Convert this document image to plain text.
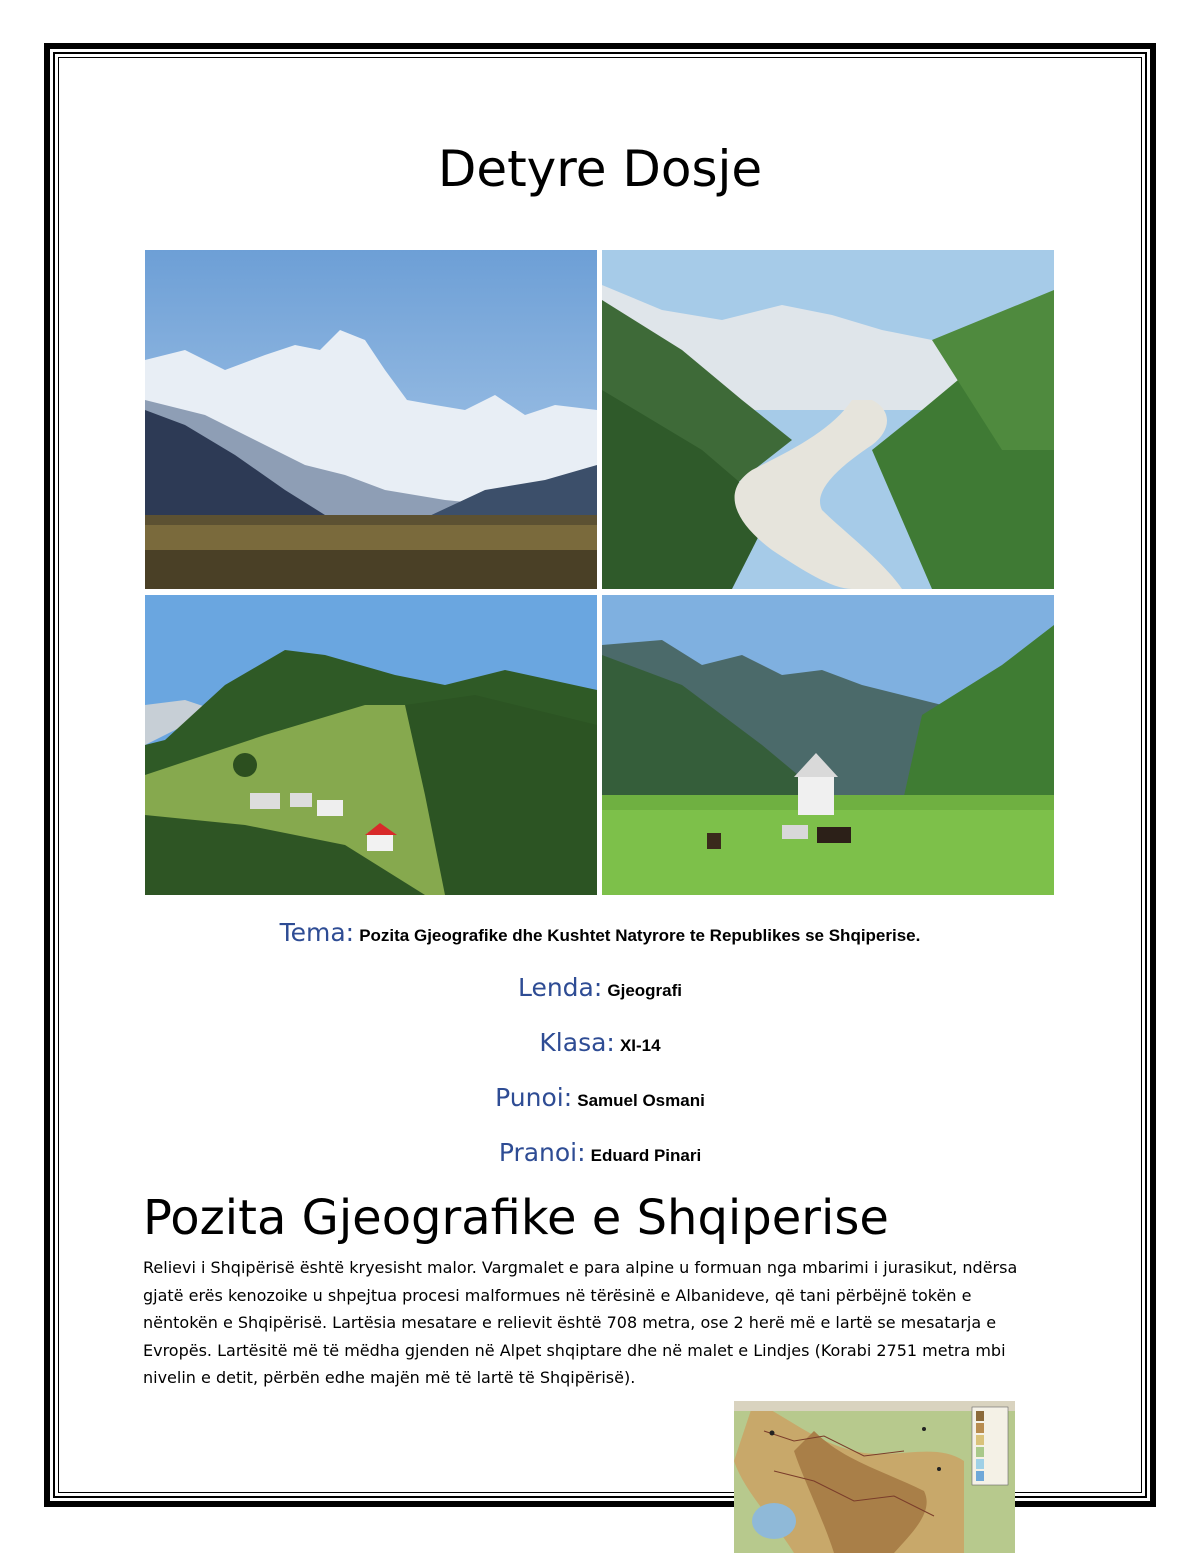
Detyre Dosje
Tema: Pozita Gjeografike dhe Kushtet Natyrore te Republikes se Shqiperise.
Lenda: Gjeografi
Klasa: XI-14
Punoi: Samuel Osmani
Pranoi: Eduard Pinari
Pozita Gjeografike e Shqiperise
Relievi i Shqipërisë është kryesisht malor. Vargmalet e para alpine u formuan nga mbarimi i jurasikut, ndërsa gjatë erës kenozoike u shpejtua procesi malformues në tërësinë e Albanideve, që tani përbëjnë tokën e nëntokën e Shqipërisë. Lartësia mesatare e relievit është 708 metra, ose 2 herë më e lartë se mesatarja e Evropës. Lartësitë më të mëdha gjenden në Alpet shqiptare dhe në malet e Lindjes (Korabi 2751 metra mbi nivelin e detit, përbën edhe majën më të lartë të Shqipërisë).
